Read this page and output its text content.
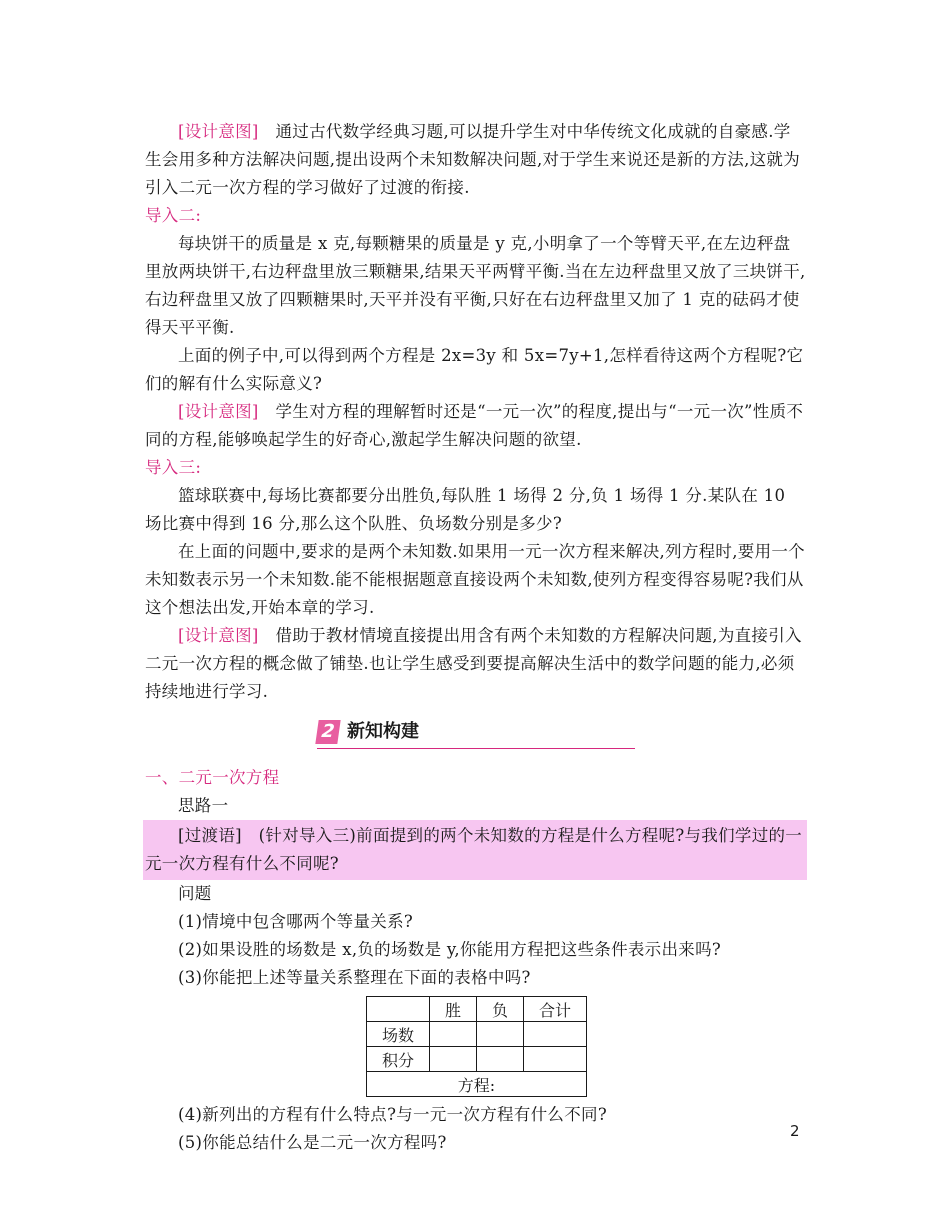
[设计意图]　通过古代数学经典习题,可以提升学生对中华传统文化成就的自豪感.学生会用多种方法解决问题,提出设两个未知数解决问题,对于学生来说还是新的方法,这就为引入二元一次方程的学习做好了过渡的衔接.

导入二:

每块饼干的质量是 x 克,每颗糖果的质量是 y 克,小明拿了一个等臂天平,在左边秤盘里放两块饼干,右边秤盘里放三颗糖果,结果天平两臂平衡.当在左边秤盘里又放了三块饼干,右边秤盘里又放了四颗糖果时,天平并没有平衡,只好在右边秤盘里又加了 1 克的砝码才使得天平平衡.

上面的例子中,可以得到两个方程是 2x=3y 和 5x=7y+1,怎样看待这两个方程呢?它们的解有什么实际意义?

[设计意图]　学生对方程的理解暂时还是“一元一次”的程度,提出与“一元一次”性质不同的方程,能够唤起学生的好奇心,激起学生解决问题的欲望.

导入三:

篮球联赛中,每场比赛都要分出胜负,每队胜 1 场得 2 分,负 1 场得 1 分.某队在 10 场比赛中得到 16 分,那么这个队胜、负场数分别是多少?

在上面的问题中,要求的是两个未知数.如果用一元一次方程来解决,列方程时,要用一个未知数表示另一个未知数.能不能根据题意直接设两个未知数,使列方程变得容易呢?我们从这个想法出发,开始本章的学习.

[设计意图]　借助于教材情境直接提出用含有两个未知数的方程解决问题,为直接引入二元一次方程的概念做了铺垫.也让学生感受到要提高解决生活中的数学问题的能力,必须持续地进行学习.

2 新知构建

一、二元一次方程

思路一

[过渡语]　(针对导入三)前面提到的两个未知数的方程是什么方程呢?与我们学过的一元一次方程有什么不同呢?

问题

(1)情境中包含哪两个等量关系?

(2)如果设胜的场数是 x,负的场数是 y,你能用方程把这些条件表示出来吗?

(3)你能把上述等量关系整理在下面的表格中吗?

	胜	负	合计
场数			
积分			
方程:			

(4)新列出的方程有什么特点?与一元一次方程有什么不同?

(5)你能总结什么是二元一次方程吗?

2
